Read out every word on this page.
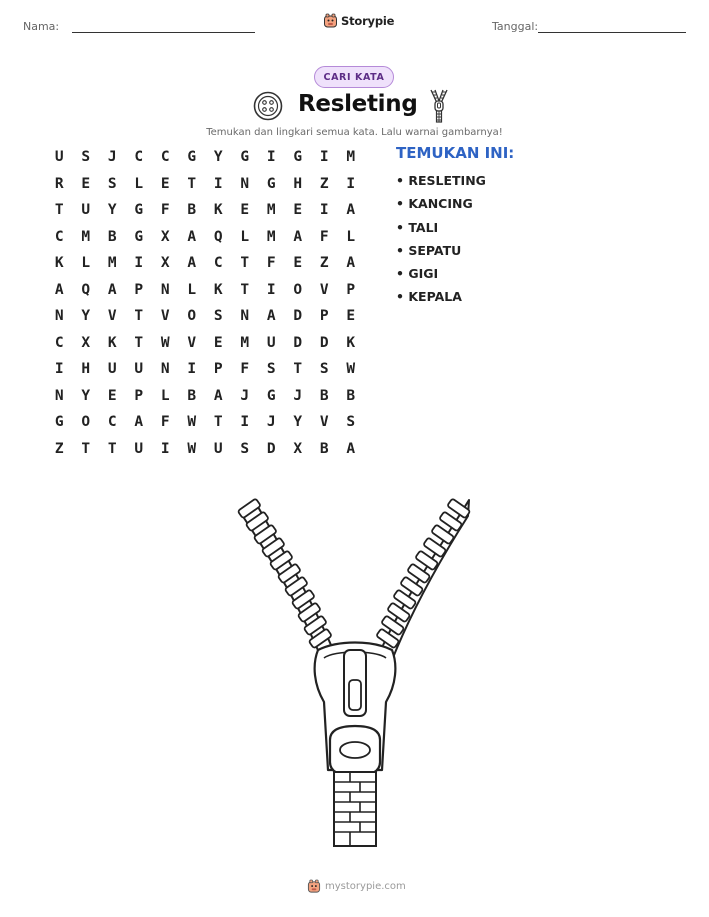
Nama:	Storypie	Tanggal:
CARI KATA
Resleting
Temukan dan lingkari semua kata. Lalu warnai gambarnya!
U	S	J	C	C	G	Y	G	I	G	I	M
R	E	S	L	E	T	I	N	G	H	Z	I
T	U	Y	G	F	B	K	E	M	E	I	A
C	M	B	G	X	A	Q	L	M	A	F	L
K	L	M	I	X	A	C	T	F	E	Z	A
A	Q	A	P	N	L	K	T	I	O	V	P
N	Y	V	T	V	O	S	N	A	D	P	E
C	X	K	T	W	V	E	M	U	D	D	K
I	H	U	U	N	I	P	F	S	T	S	W
N	Y	E	P	L	B	A	J	G	J	B	B
G	O	C	A	F	W	T	I	J	Y	V	S
Z	T	T	U	I	W	U	S	D	X	B	A
TEMUKAN INI:
• RESLETING
• KANCING
• TALI
• SEPATU
• GIGI
• KEPALA
mystorypie.com
